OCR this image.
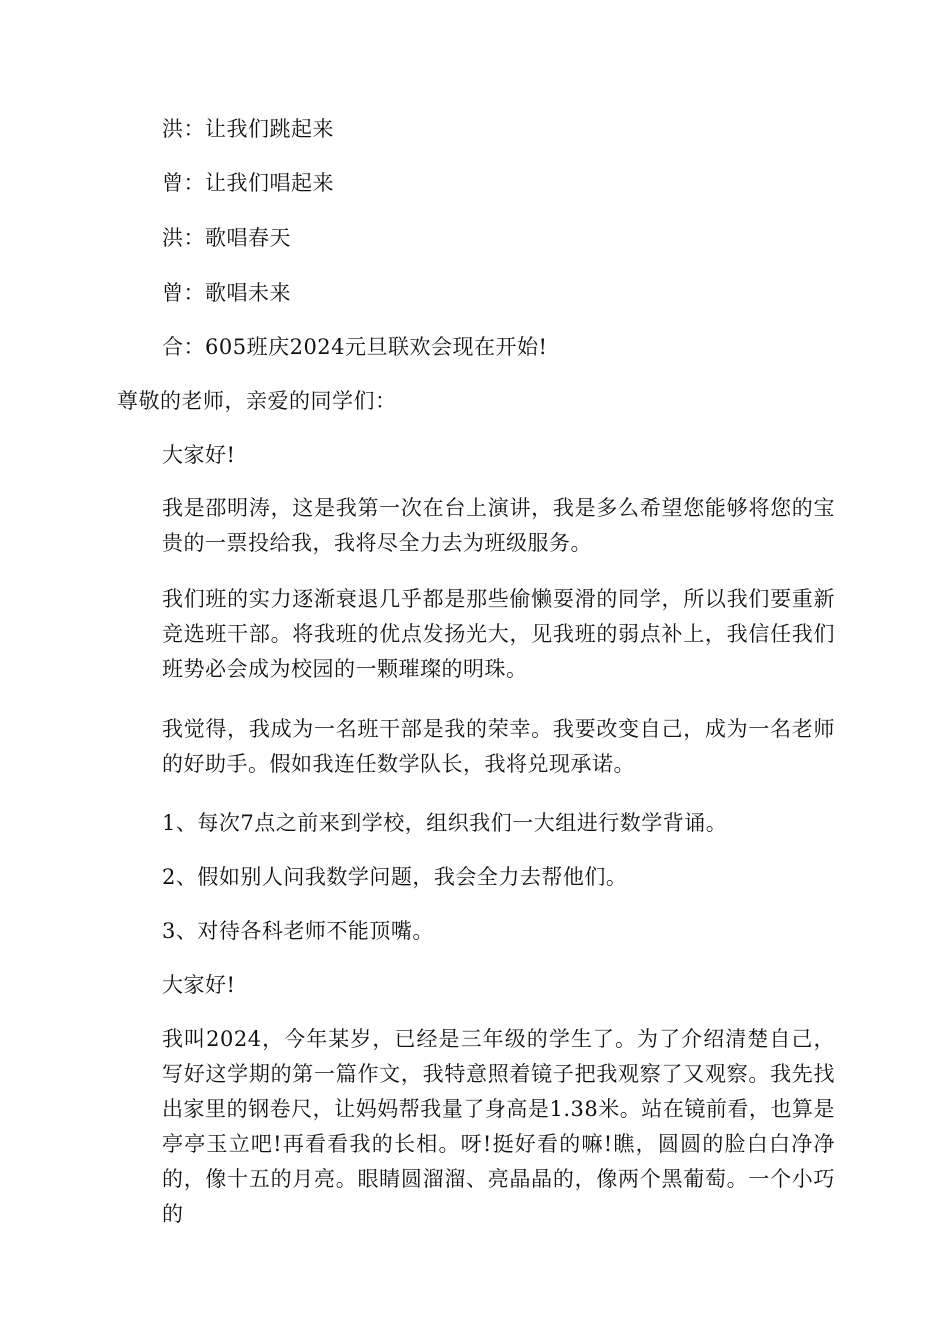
洪：让我们跳起来
曾：让我们唱起来
洪：歌唱春天
曾：歌唱未来
合：605班庆2024元旦联欢会现在开始!
尊敬的老师，亲爱的同学们：
大家好!
我是邵明涛，这是我第一次在台上演讲，我是多么希望您能够将您的宝贵的一票投给我，我将尽全力去为班级服务。
我们班的实力逐渐衰退几乎都是那些偷懒耍滑的同学，所以我们要重新竞选班干部。将我班的优点发扬光大，见我班的弱点补上，我信任我们班势必会成为校园的一颗璀璨的明珠。
我觉得，我成为一名班干部是我的荣幸。我要改变自己，成为一名老师的好助手。假如我连任数学队长，我将兑现承诺。
1、每次7点之前来到学校，组织我们一大组进行数学背诵。
2、假如别人问我数学问题，我会全力去帮他们。
3、对待各科老师不能顶嘴。
大家好!
我叫2024，今年某岁，已经是三年级的学生了。为了介绍清楚自己，写好这学期的第一篇作文，我特意照着镜子把我观察了又观察。我先找出家里的钢卷尺，让妈妈帮我量了身高是1.38米。站在镜前看，也算是亭亭玉立吧!再看看我的长相。呀!挺好看的嘛!瞧，圆圆的脸白白净净的，像十五的月亮。眼睛圆溜溜、亮晶晶的，像两个黑葡萄。一个小巧的
